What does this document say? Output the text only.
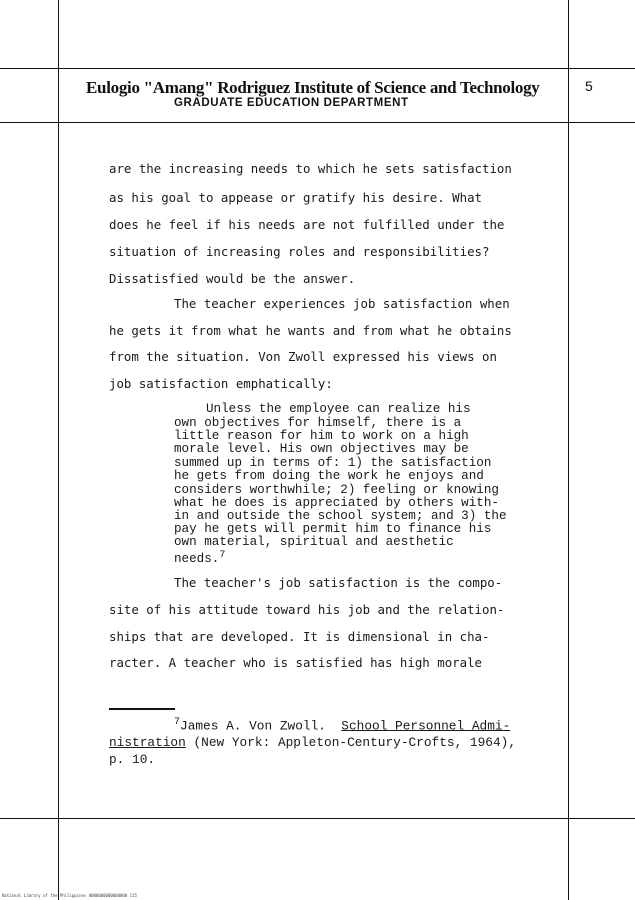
Eulogio "Amang" Rodriguez Institute of Science and Technology
GRADUATE EDUCATION DEPARTMENT
5
are the increasing needs to which he sets satisfaction
as his goal to appease or gratify his desire. What
does he feel if his needs are not fulfilled under the
situation of increasing roles and responsibilities?
Dissatisfied would be the answer.
The teacher experiences job satisfaction when
he gets it from what he wants and from what he obtains
from the situation. Von Zwoll expressed his views on
job satisfaction emphatically:
Unless the employee can realize his
own objectives for himself, there is a
little reason for him to work on a high
morale level. His own objectives may be
summed up in terms of: 1) the satisfaction
he gets from doing the work he enjoys and
considers worthwhile; 2) feeling or knowing
what he does is appreciated by others with-
in and outside the school system; and 3) the
pay he gets will permit him to finance his
own material, spiritual and aesthetic
needs.$^7$
The teacher's job satisfaction is the compo-
site of his attitude toward his job and the relation-
ships that are developed. It is dimensional in cha-
racter. A teacher who is satisfied has high morale
$^7$James A. Von Zwoll. School Personnel Admi-
nistration (New York: Appleton-Century-Crofts, 1964),
p. 10.
National Library of the Philippines 0000000000000000 115
